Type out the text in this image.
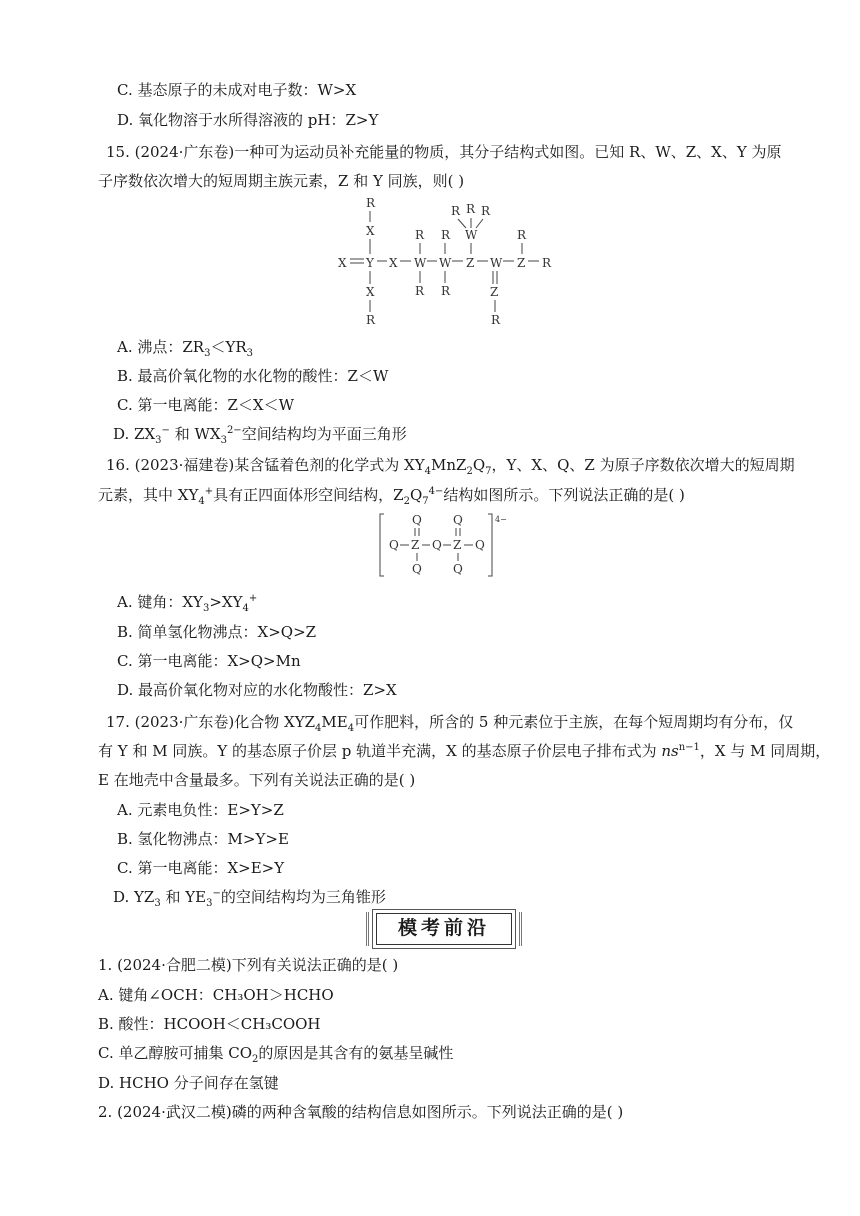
C. 基态原子的未成对电子数：W>X
D. 氧化物溶于水所得溶液的 pH：Z>Y
15. (2024·广东卷)一种可为运动员补充能量的物质，其分子结构式如图。已知 R、W、Z、X、Y 为原
子序数依次增大的短周期主族元素，Z 和 Y 同族，则( )
R
X
X Y
X
R
X
R
W
R
R
W
R
Z W
Z
R
R R R
W	R
Z R
A. 沸点：$ZR_3<YR_3$
B. 最高价氧化物的水化物的酸性：Z＜W
C. 第一电离能：Z＜X＜W
D. $ZX_3^-$ 和 $WX_3^{2-}$空间结构均为平面三角形
16. (2023·福建卷)某含锰着色剂的化学式为 $XY_4MnZ_2Q_7$，Y、X、Q、Z 为原子序数依次增大的短周期
元素，其中 $XY_4^+$具有正四面体形空间结构，$Z_2Q_7^{4-}$结构如图所示。下列说法正确的是( )
4−
Q
Q Z
Q
Q
Q
Z
Q
Q
A. 键角：$XY_3>XY_4^+$
B. 简单氢化物沸点：X>Q>Z
C. 第一电离能：X>Q>Mn
D. 最高价氧化物对应的水化物酸性：Z>X
17. (2023·广东卷)化合物 $XYZ_4ME_4$可作肥料，所含的 5 种元素位于主族，在每个短周期均有分布，仅
有 Y 和 M 同族。Y 的基态原子价层 p 轨道半充满，X 的基态原子价层电子排布式为 $ns^{n-1}$，X 与 M 同周期，
E 在地壳中含量最多。下列有关说法正确的是( )
A. 元素电负性：E>Y>Z
B. 氢化物沸点：M>Y>E
C. 第一电离能：X>E>Y
D. $YZ_3$ 和 $YE_3^-$的空间结构均为三角锥形
模考前沿
1. (2024·合肥二模)下列有关说法正确的是( )
A. 键角∠OCH：CH₃OH＞HCHO
B. 酸性：HCOOH＜CH₃COOH
C. 单乙醇胺可捕集 $CO_2$的原因是其含有的氨基呈碱性
D. HCHO 分子间存在氢键
2. (2024·武汉二模)磷的两种含氧酸的结构信息如图所示。下列说法正确的是( )
